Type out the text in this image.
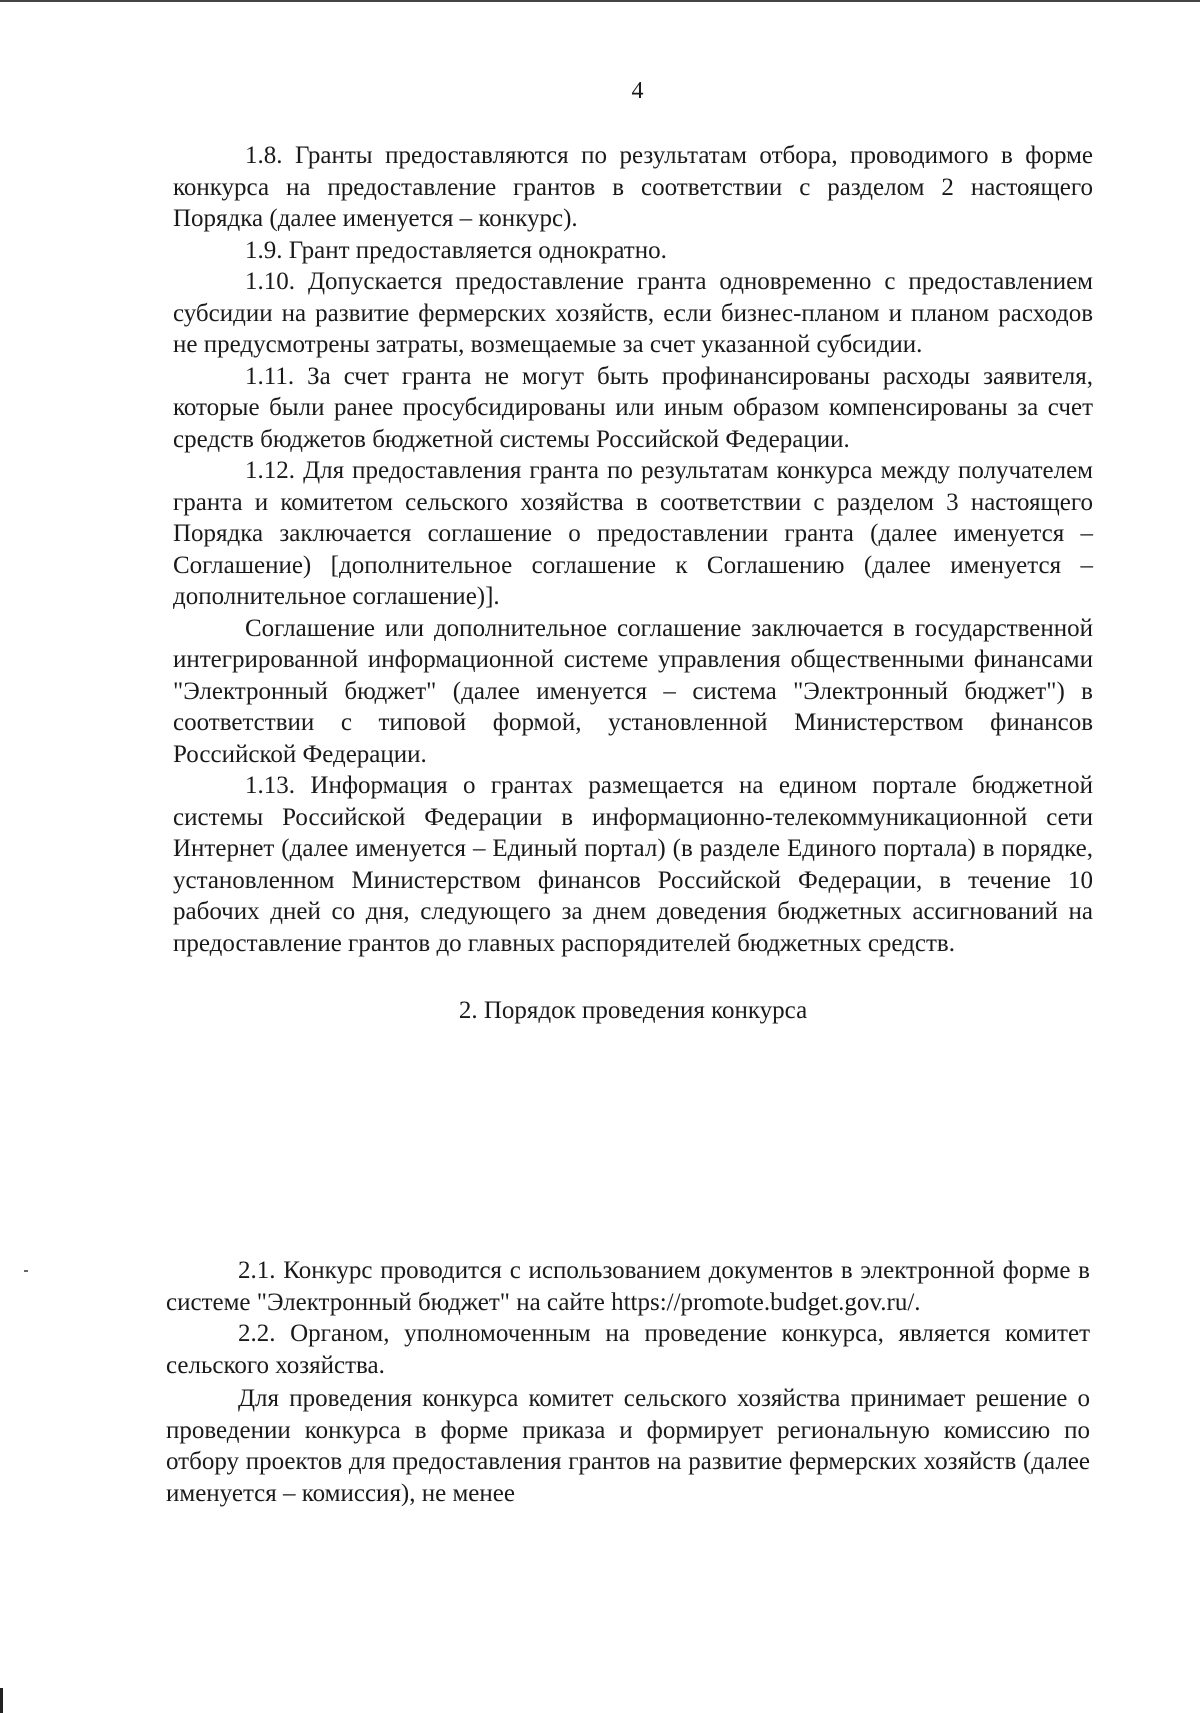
4

1.8. Гранты предоставляются по результатам отбора, проводимого в форме конкурса на предоставление грантов в соответствии с разделом 2 настоящего Порядка (далее именуется – конкурс).

1.9. Грант предоставляется однократно.

1.10. Допускается предоставление гранта одновременно с предоставлением субсидии на развитие фермерских хозяйств, если бизнес-планом и планом расходов не предусмотрены затраты, возмещаемые за счет указанной субсидии.

1.11. За счет гранта не могут быть профинансированы расходы заявителя, которые были ранее просубсидированы или иным образом компенсированы за счет средств бюджетов бюджетной системы Российской Федерации.

1.12. Для предоставления гранта по результатам конкурса между получателем гранта и комитетом сельского хозяйства в соответствии с разделом 3 настоящего Порядка заключается соглашение о предоставлении гранта (далее именуется – Соглашение) [дополнительное соглашение к Соглашению (далее именуется – дополнительное соглашение)].

Соглашение или дополнительное соглашение заключается в государственной интегрированной информационной системе управления общественными финансами "Электронный бюджет" (далее именуется – система "Электронный бюджет") в соответствии с типовой формой, установленной Министерством финансов Российской Федерации.

1.13. Информация о грантах размещается на едином портале бюджетной системы Российской Федерации в информационно-телекоммуникационной сети Интернет (далее именуется – Единый портал) (в разделе Единого портала) в порядке, установленном Министерством финансов Российской Федерации, в течение 10 рабочих дней со дня, следующего за днем доведения бюджетных ассигнований на предоставление грантов до главных распорядителей бюджетных средств.

2. Порядок проведения конкурса

2.1. Конкурс проводится с использованием документов в электронной форме в системе "Электронный бюджет" на сайте https://promote.budget.gov.ru/.

2.2. Органом, уполномоченным на проведение конкурса, является комитет сельского хозяйства.

Для проведения конкурса комитет сельского хозяйства принимает решение о проведении конкурса в форме приказа и формирует региональную комиссию по отбору проектов для предоставления грантов на развитие фермерских хозяйств (далее именуется – комиссия), не менее
